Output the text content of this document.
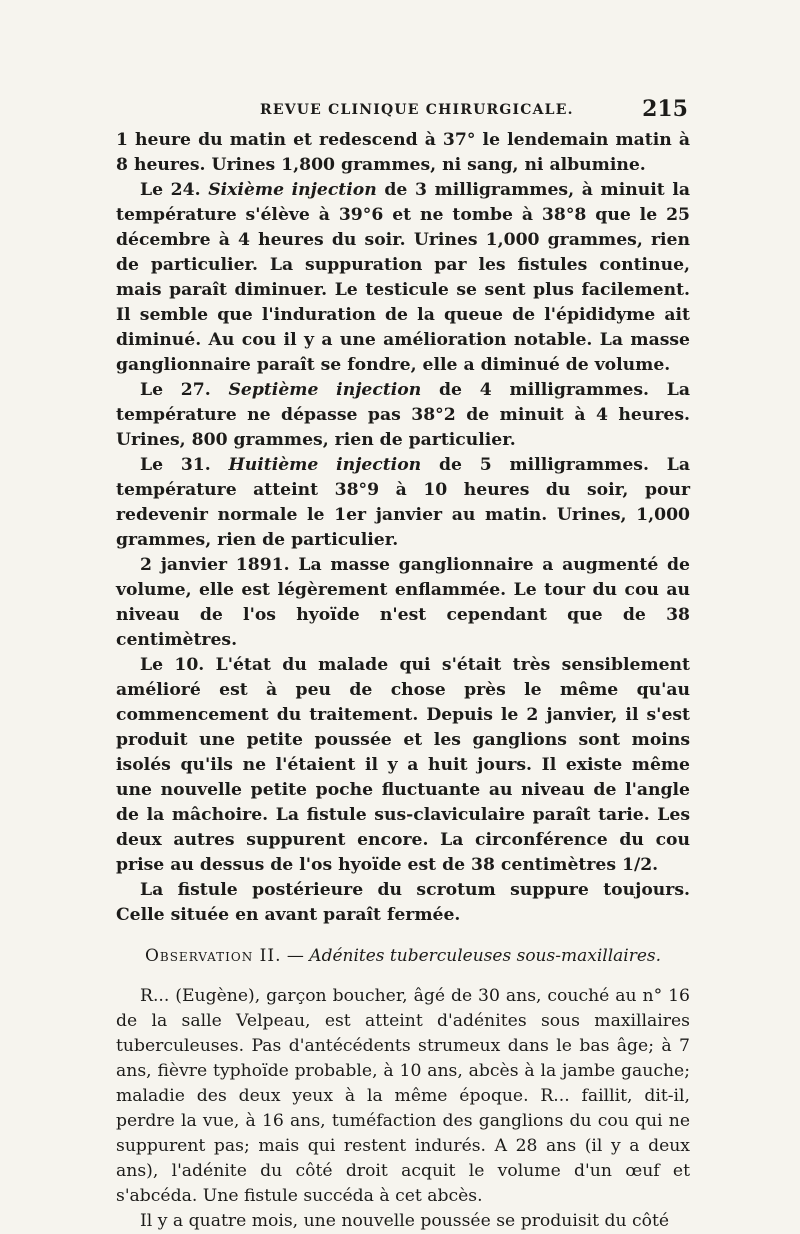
REVUE CLINIQUE CHIRURGICALE.	215

1 heure du matin et redescend à 37° le lendemain matin à 8 heures. Urines 1,800 grammes, ni sang, ni albumine.

Le 24. Sixième injection de 3 milligrammes, à minuit la température s'élève à 39°6 et ne tombe à 38°8 que le 25 décembre à 4 heures du soir. Urines 1,000 grammes, rien de particulier. La suppuration par les fistules continue, mais paraît diminuer. Le testicule se sent plus facilement. Il semble que l'induration de la queue de l'épididyme ait diminué. Au cou il y a une amélioration notable. La masse ganglionnaire paraît se fondre, elle a diminué de volume.

Le 27. Septième injection de 4 milligrammes. La température ne dépasse pas 38°2 de minuit à 4 heures. Urines, 800 grammes, rien de particulier.

Le 31. Huitième injection de 5 milligrammes. La température atteint 38°9 à 10 heures du soir, pour redevenir normale le 1er janvier au matin. Urines, 1,000 grammes, rien de particulier.

2 janvier 1891. La masse ganglionnaire a augmenté de volume, elle est légèrement enflammée. Le tour du cou au niveau de l'os hyoïde n'est cependant que de 38 centimètres.

Le 10. L'état du malade qui s'était très sensiblement amélioré est à peu de chose près le même qu'au commencement du traitement. Depuis le 2 janvier, il s'est produit une petite poussée et les ganglions sont moins isolés qu'ils ne l'étaient il y a huit jours. Il existe même une nouvelle petite poche fluctuante au niveau de l'angle de la mâchoire. La fistule sus-claviculaire paraît tarie. Les deux autres suppurent encore. La circonférence du cou prise au dessus de l'os hyoïde est de 38 centimètres 1/2.

La fistule postérieure du scrotum suppure toujours. Celle située en avant paraît fermée.

Observation II. — Adénites tuberculeuses sous-maxillaires.

R... (Eugène), garçon boucher, âgé de 30 ans, couché au n° 16 de la salle Velpeau, est atteint d'adénites sous maxillaires tuberculeuses. Pas d'antécédents strumeux dans le bas âge; à 7 ans, fièvre typhoïde probable, à 10 ans, abcès à la jambe gauche; maladie des deux yeux à la même époque. R... faillit, dit-il, perdre la vue, à 16 ans, tuméfaction des ganglions du cou qui ne suppurent pas; mais qui restent indurés. A 28 ans (il y a deux ans), l'adénite du côté droit acquit le volume d'un œuf et s'abcéda. Une fistule succéda à cet abcès.

Il y a quatre mois, une nouvelle poussée se produisit du côté
